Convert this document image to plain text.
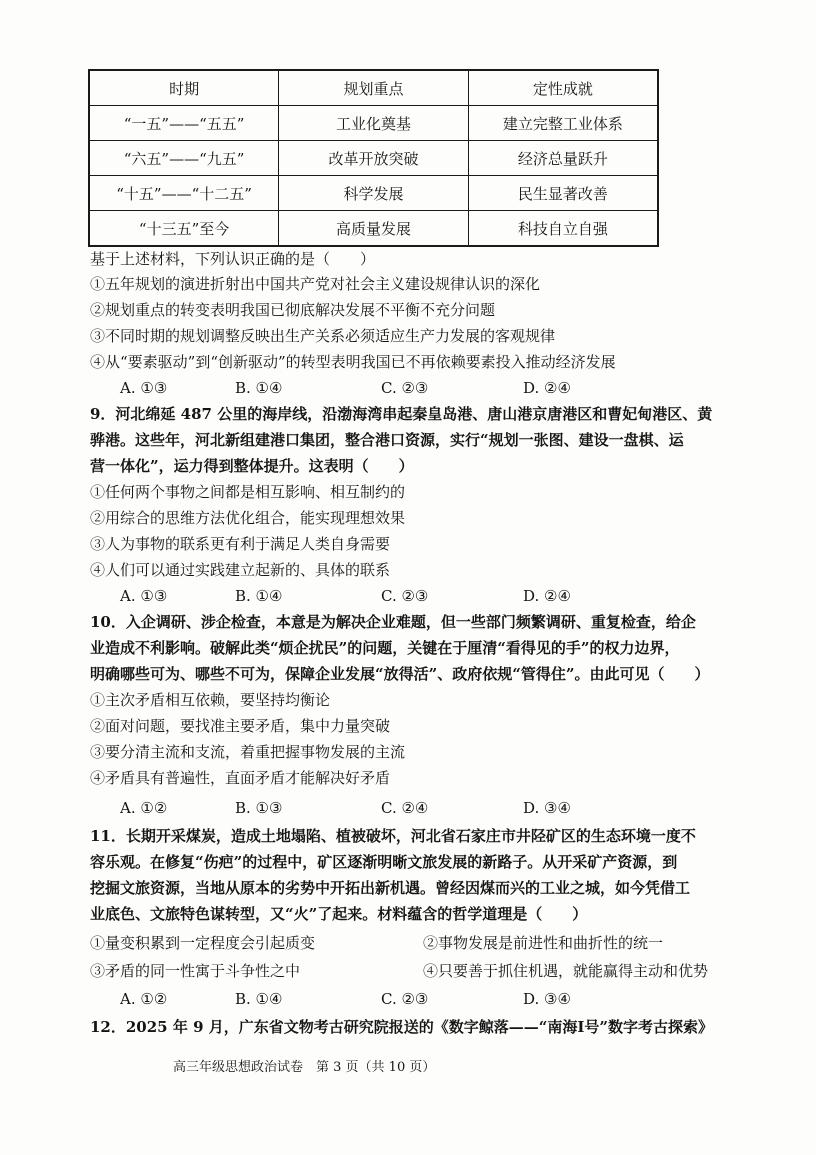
时期	规划重点	定性成就
“一五”——“五五”	工业化奠基	建立完整工业体系
“六五”——“九五”	改革开放突破	经济总量跃升
“十五”——“十二五”	科学发展	民生显著改善
“十三五”至今	高质量发展	科技自立自强
基于上述材料，下列认识正确的是（　　）
①五年规划的演进折射出中国共产党对社会主义建设规律认识的深化
②规划重点的转变表明我国已彻底解决发展不平衡不充分问题
③不同时期的规划调整反映出生产关系必须适应生产力发展的客观规律
④从“要素驱动”到“创新驱动”的转型表明我国已不再依赖要素投入推动经济发展
A. ①③	B. ①④	C. ②③	D. ②④
9．河北绵延 487 公里的海岸线，沿渤海湾串起秦皇岛港、唐山港京唐港区和曹妃甸港区、黄
骅港。这些年，河北新组建港口集团，整合港口资源，实行“规划一张图、建设一盘棋、运
营一体化”，运力得到整体提升。这表明（　　）
①任何两个事物之间都是相互影响、相互制约的
②用综合的思维方法优化组合，能实现理想效果
③人为事物的联系更有利于满足人类自身需要
④人们可以通过实践建立起新的、具体的联系
A. ①③	B. ①④	C. ②③	D. ②④
10．入企调研、涉企检查，本意是为解决企业难题，但一些部门频繁调研、重复检查，给企
业造成不利影响。破解此类“烦企扰民”的问题，关键在于厘清“看得见的手”的权力边界，
明确哪些可为、哪些不可为，保障企业发展“放得活”、政府依规“管得住”。由此可见（　　）
①主次矛盾相互依赖，要坚持均衡论
②面对问题，要找准主要矛盾，集中力量突破
③要分清主流和支流，着重把握事物发展的主流
④矛盾具有普遍性，直面矛盾才能解决好矛盾
A. ①②	B. ①③	C. ②④	D. ③④
11．长期开采煤炭，造成土地塌陷、植被破坏，河北省石家庄市井陉矿区的生态环境一度不
容乐观。在修复“伤疤”的过程中，矿区逐渐明晰文旅发展的新路子。从开采矿产资源，到
挖掘文旅资源，当地从原本的劣势中开拓出新机遇。曾经因煤而兴的工业之城，如今凭借工
业底色、文旅特色谋转型，又“火”了起来。材料蕴含的哲学道理是（　　）
①量变积累到一定程度会引起质变	②事物发展是前进性和曲折性的统一
③矛盾的同一性寓于斗争性之中	④只要善于抓住机遇，就能赢得主动和优势
A. ①②	B. ①④	C. ②③	D. ③④
12．2025 年 9 月，广东省文物考古研究院报送的《数字鲸落——“南海Ⅰ号”数字考古探索》
高三年级思想政治试卷　第 3 页（共 10 页）
